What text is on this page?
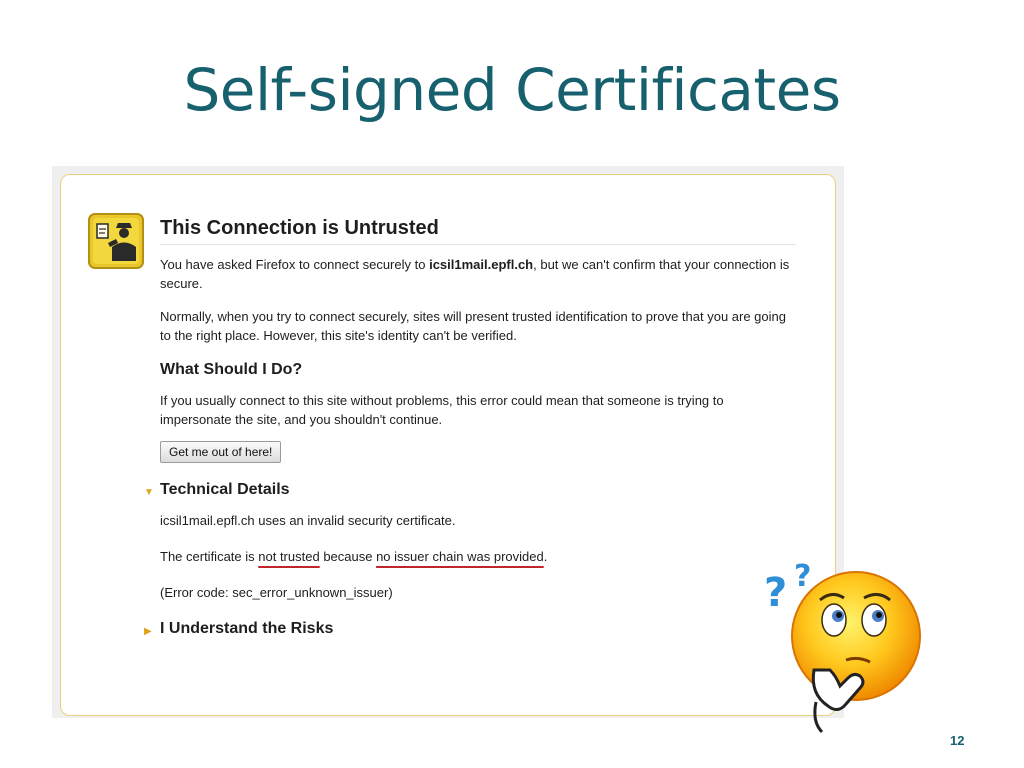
Self-signed Certificates
This Connection is Untrusted
You have asked Firefox to connect securely to icsil1mail.epfl.ch, but we can't confirm that your connection is secure.
Normally, when you try to connect securely, sites will present trusted identification to prove that you are going to the right place. However, this site's identity can't be verified.
What Should I Do?
If you usually connect to this site without problems, this error could mean that someone is trying to impersonate the site, and you shouldn't continue.
Get me out of here!
▼ Technical Details
icsil1mail.epfl.ch uses an invalid security certificate.
The certificate is not trusted because no issuer chain was provided.
(Error code: sec_error_unknown_issuer)
▶ I Understand the Risks
? ?
12
